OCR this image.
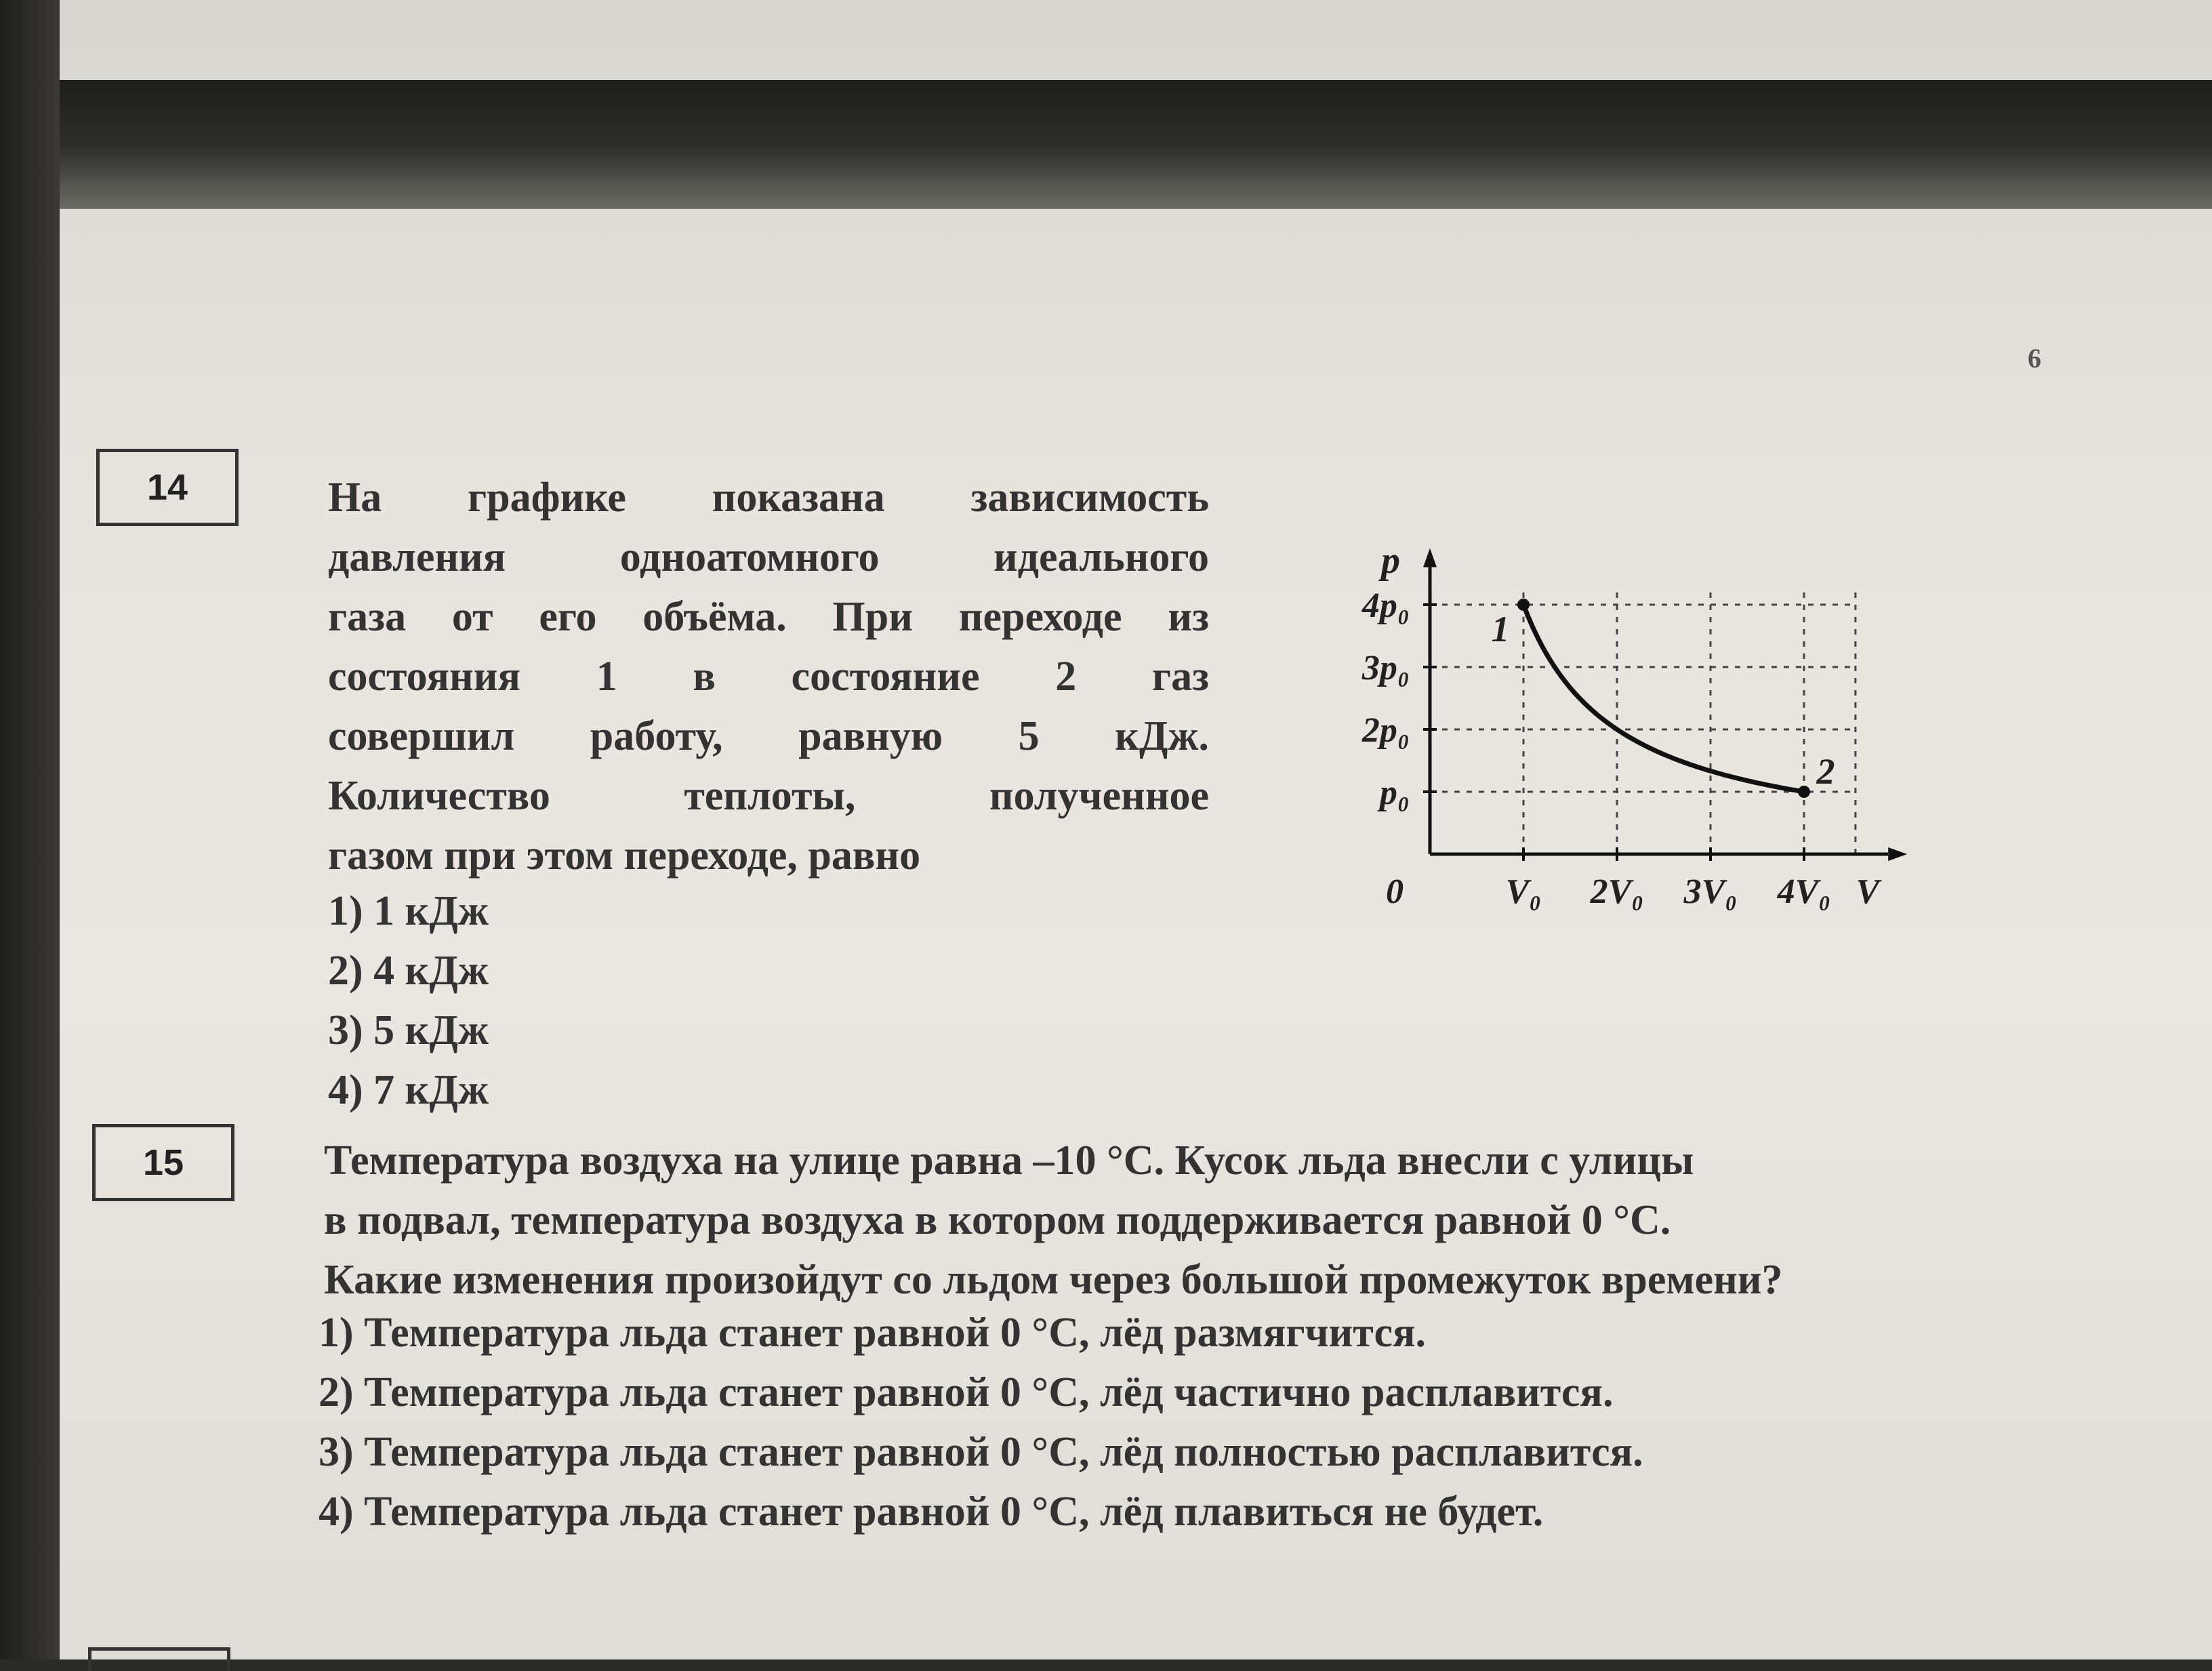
6
14	На графике показана зависимость
давления одноатомного идеального
газа от его объёма. При переходе из
состояния 1 в состояние 2 газ
совершил работу, равную 5 кДж.
Количество теплоты, полученное
газом при этом переходе, равно
1) 1 кДж
2) 4 кДж
3) 5 кДж
4) 7 кДж
V₀ 2V₀ 3V₀ 4V₀
p₀
2p₀
3p₀
4p₀
p
V
0
1
2
15	Температура воздуха на улице равна –10 °С. Кусок льда внесли с улицы
в подвал, температура воздуха в котором поддерживается равной 0 °С.
Какие изменения произойдут со льдом через большой промежуток времени?
1) Температура льда станет равной 0 °С, лёд размягчится.
2) Температура льда станет равной 0 °С, лёд частично расплавится.
3) Температура льда станет равной 0 °С, лёд полностью расплавится.
4) Температура льда станет равной 0 °С, лёд плавиться не будет.
